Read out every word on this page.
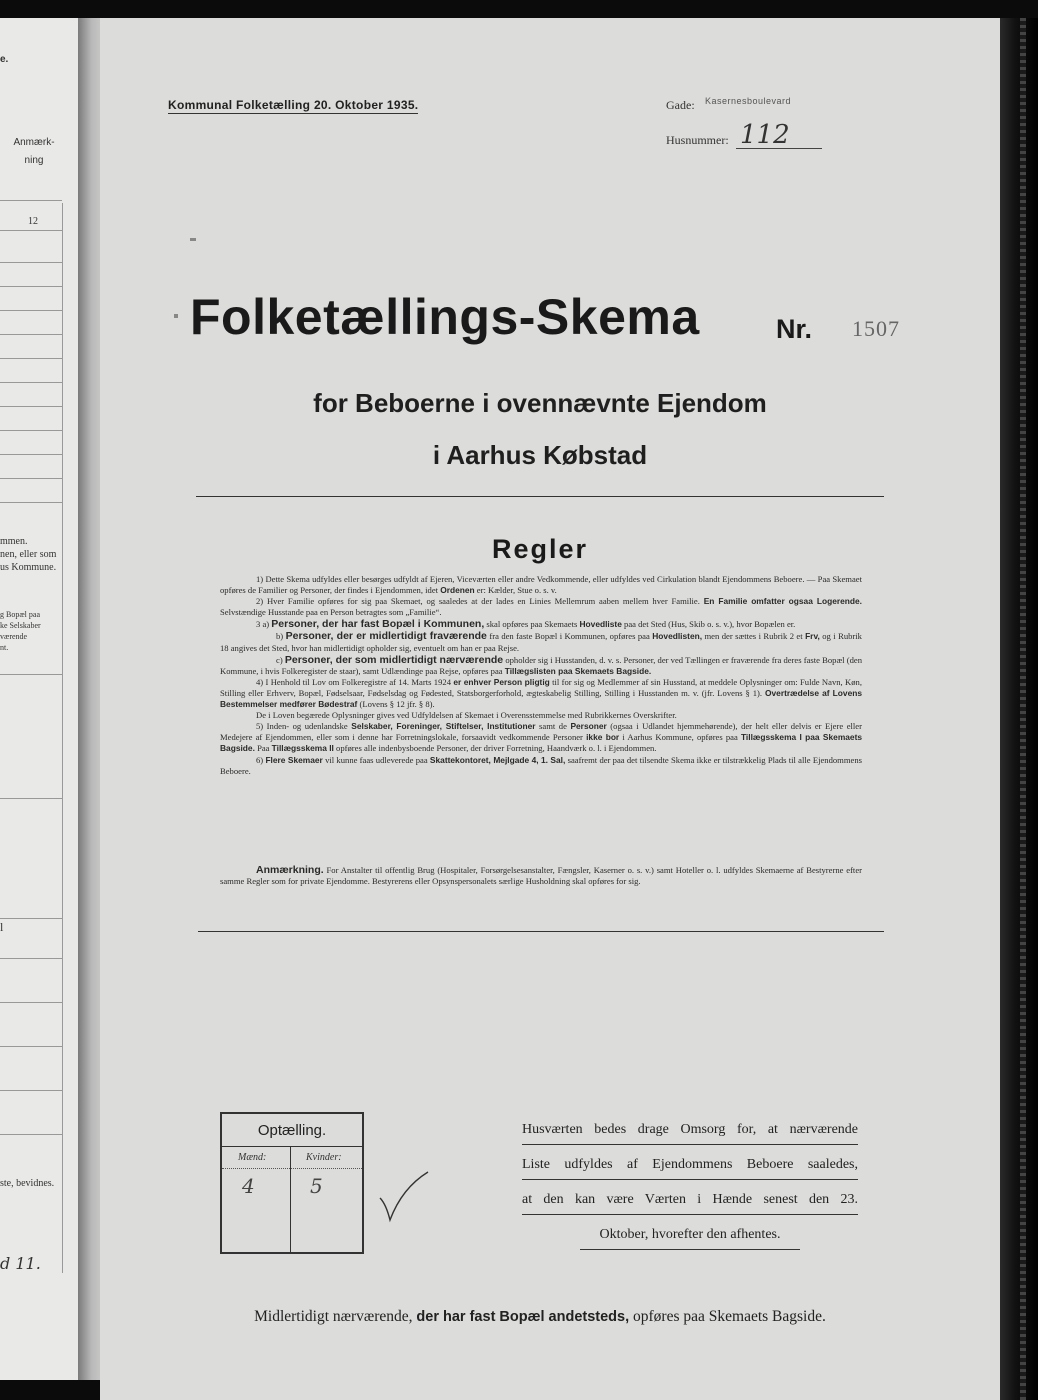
e.
Anmærk- ning
12
mmen.
nen, eller som
us Kommune.
g Bopæl paa
ke Selskaber
værende
nt.
l
ste, bevidnes.
d 11.
Kommunal Folketælling 20. Oktober 1935.	Gade: Kasernesboulevard
Husnummer: 112
Folketællings-Skema	Nr. 1507
for Beboerne i ovennævnte Ejendom
i Aarhus Købstad
Regler

1) Dette Skema udfyldes eller besørges udfyldt af Ejeren, Viceværten eller andre Vedkommende, eller udfyldes ved Cirkulation blandt Ejendommens Beboere. — Paa Skemaet opføres de Familier og Personer, der findes i Ejendommen, idet Ordenen er: Kælder, Stue o. s. v.

2) Hver Familie opføres for sig paa Skemaet, og saaledes at der lades en Linies Mellemrum aaben mellem hver Familie. En Familie omfatter ogsaa Logerende. Selvstændige Husstande paa en Person betragtes som „Familie“.

3 a) Personer, der har fast Bopæl i Kommunen, skal opføres paa Skemaets Hovedliste paa det Sted (Hus, Skib o. s. v.), hvor Bopælen er.

b) Personer, der er midlertidigt fraværende fra den faste Bopæl i Kommunen, opføres paa Hovedlisten, men der sættes i Rubrik 2 et Frv, og i Rubrik 18 angives det Sted, hvor han midlertidigt opholder sig, eventuelt om han er paa Rejse.

c) Personer, der som midlertidigt nærværende opholder sig i Husstanden, d. v. s. Personer, der ved Tællingen er fraværende fra deres faste Bopæl (den Kommune, i hvis Folkeregister de staar), samt Udlændinge paa Rejse, opføres paa Tillægslisten paa Skemaets Bagside.

4) I Henhold til Lov om Folkeregistre af 14. Marts 1924 er enhver Person pligtig til for sig og Medlemmer af sin Husstand, at meddele Oplysninger om: Fulde Navn, Køn, Stilling eller Erhverv, Bopæl, Fødselsaar, Fødselsdag og Fødested, Statsborgerforhold, ægteskabelig Stilling, Stilling i Husstanden m. v. (jfr. Lovens § 1). Overtrædelse af Lovens Bestemmelser medfører Bødestraf (Lovens § 12 jfr. § 8).

De i Loven begærede Oplysninger gives ved Udfyldelsen af Skemaet i Overensstemmelse med Rubrikkernes Overskrifter.

5) Inden- og udenlandske Selskaber, Foreninger, Stiftelser, Institutioner samt de Personer (ogsaa i Udlandet hjemmehørende), der helt eller delvis er Ejere eller Medejere af Ejendommen, eller som i denne har Forretningslokale, forsaavidt vedkommende Personer ikke bor i Aarhus Kommune, opføres paa Tillægsskema I paa Skemaets Bagside. Paa Tillægsskema II opføres alle indenbysboende Personer, der driver Forretning, Haandværk o. l. i Ejendommen.

6) Flere Skemaer vil kunne faas udleverede paa Skattekontoret, Mejlgade 4, 1. Sal, saafremt der paa det tilsendte Skema ikke er tilstrækkelig Plads til alle Ejendommens Beboere.

Anmærkning. For Anstalter til offentlig Brug (Hospitaler, Forsørgelsesanstalter, Fængsler, Kaserner o. s. v.) samt Hoteller o. l. udfyldes Skemaerne af Bestyrerne efter samme Regler som for private Ejendomme. Bestyrerens eller Opsynspersonalets særlige Husholdning skal opføres for sig.

Optælling.
Mænd:	Kvinder:
4	5
Husværten bedes drage Omsorg for, at nærværende
Liste udfyldes af Ejendommens Beboere saaledes,
at den kan være Værten i Hænde senest den 23.
Oktober, hvorefter den afhentes.
Midlertidigt nærværende, der har fast Bopæl andetsteds, opføres paa Skemaets Bagside.
